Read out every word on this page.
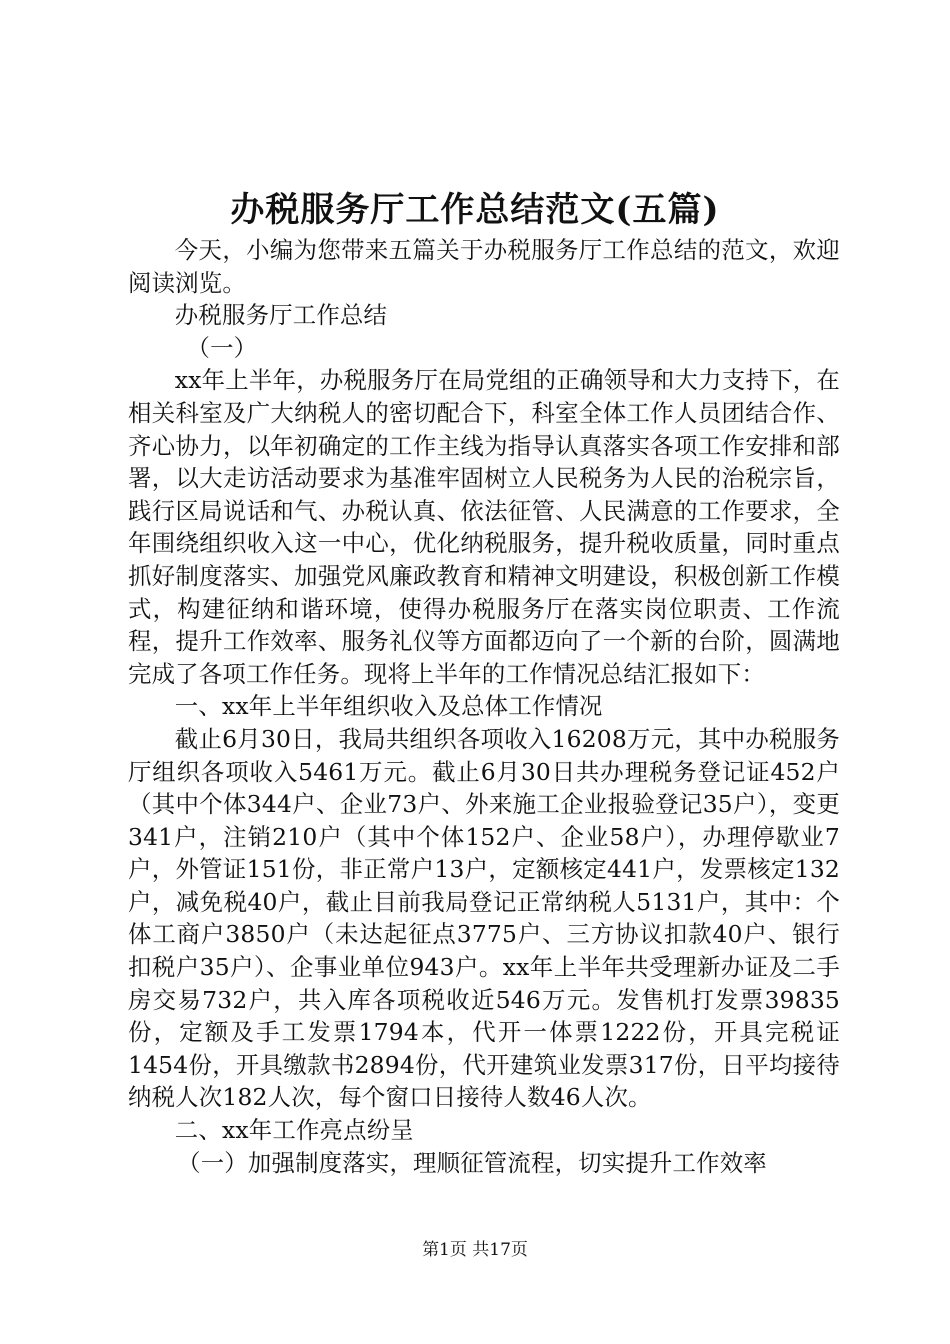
办税服务厅工作总结范文(五篇)

今天，小编为您带来五篇关于办税服务厅工作总结的范文，欢迎阅读浏览。

办税服务厅工作总结

（一）

xx年上半年，办税服务厅在局党组的正确领导和大力支持下，在相关科室及广大纳税人的密切配合下，科室全体工作人员团结合作、齐心协力，以年初确定的工作主线为指导认真落实各项工作安排和部署，以大走访活动要求为基准牢固树立人民税务为人民的治税宗旨，践行区局说话和气、办税认真、依法征管、人民满意的工作要求，全年围绕组织收入这一中心，优化纳税服务，提升税收质量，同时重点抓好制度落实、加强党风廉政教育和精神文明建设，积极创新工作模式，构建征纳和谐环境，使得办税服务厅在落实岗位职责、工作流程，提升工作效率、服务礼仪等方面都迈向了一个新的台阶，圆满地完成了各项工作任务。现将上半年的工作情况总结汇报如下：

一、xx年上半年组织收入及总体工作情况

截止6月30日，我局共组织各项收入16208万元，其中办税服务厅组织各项收入5461万元。截止6月30日共办理税务登记证452户（其中个体344户、企业73户、外来施工企业报验登记35户），变更341户，注销210户（其中个体152户、企业58户），办理停歇业7户，外管证151份，非正常户13户，定额核定441户，发票核定132户，减免税40户，截止目前我局登记正常纳税人5131户，其中：个体工商户3850户（未达起征点3775户、三方协议扣款40户、银行扣税户35户）、企事业单位943户。xx年上半年共受理新办证及二手房交易732户，共入库各项税收近546万元。发售机打发票39835份，定额及手工发票1794本，代开一体票1222份，开具完税证1454份，开具缴款书2894份，代开建筑业发票317份，日平均接待纳税人次182人次，每个窗口日接待人数46人次。

二、xx年工作亮点纷呈

（一）加强制度落实，理顺征管流程，切实提升工作效率

第1页 共17页
